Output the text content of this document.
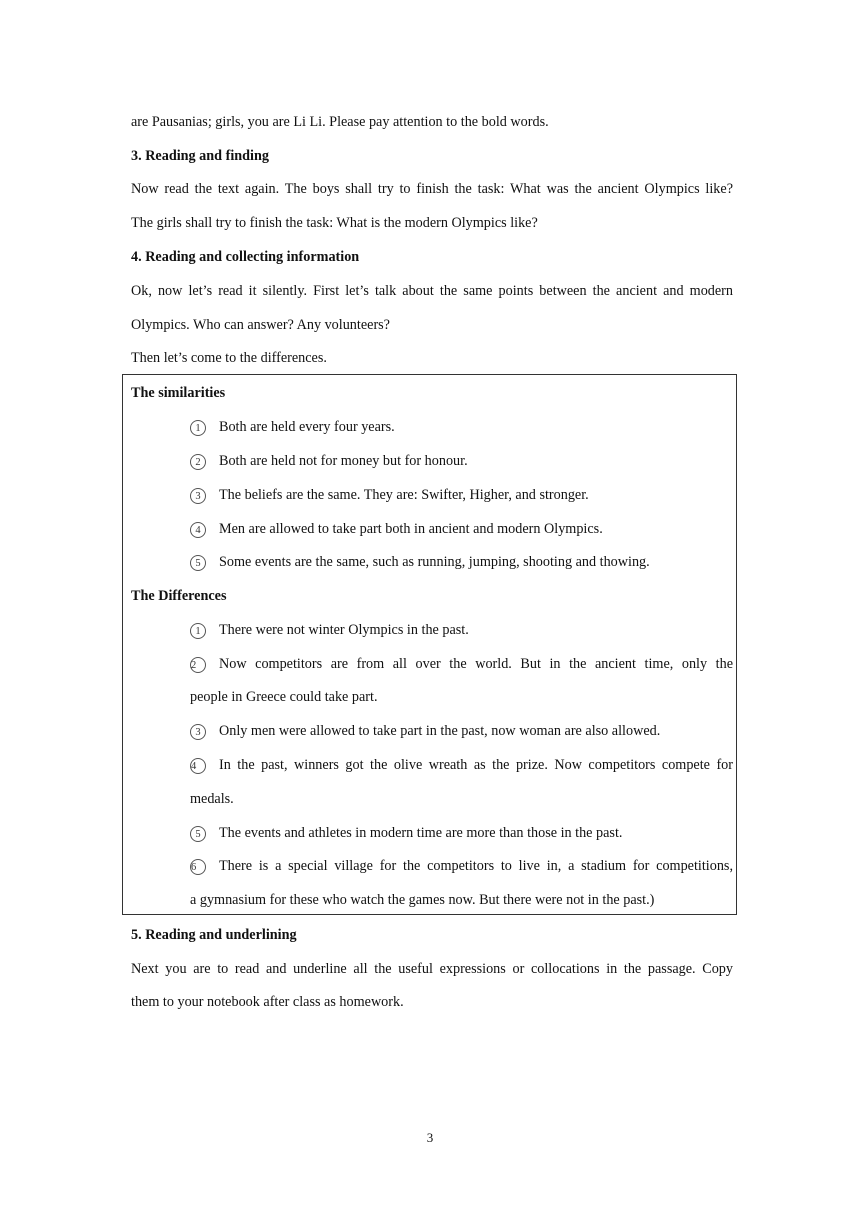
are Pausanias; girls, you are Li Li. Please pay attention to the bold words.
3. Reading and finding
Now read the text again. The boys shall try to finish the task: What was the ancient Olympics like?
The girls shall try to finish the task: What is the modern Olympics like?
4. Reading and collecting information
Ok, now let’s read it silently. First let’s talk about the same points between the ancient and modern
Olympics. Who can answer? Any volunteers?
Then let’s come to the differences.
The similarities
1 Both are held every four years.
2 Both are held not for money but for honour.
3 The beliefs are the same. They are: Swifter, Higher, and stronger.
4 Men are allowed to take part both in ancient and modern Olympics.
5 Some events are the same, such as running, jumping, shooting and thowing.
The Differences
1 There were not winter Olympics in the past.
2 Now competitors are from all over the world. But in the ancient time, only the
people in Greece could take part.
3 Only men were allowed to take part in the past, now woman are also allowed.
4 In the past, winners got the olive wreath as the prize. Now competitors compete for
medals.
5 The events and athletes in modern time are more than those in the past.
6 There is a special village for the competitors to live in, a stadium for competitions,
a gymnasium for these who watch the games now. But there were not in the past.)
5. Reading and underlining
Next you are to read and underline all the useful expressions or collocations in the passage. Copy
them to your notebook after class as homework.
3
